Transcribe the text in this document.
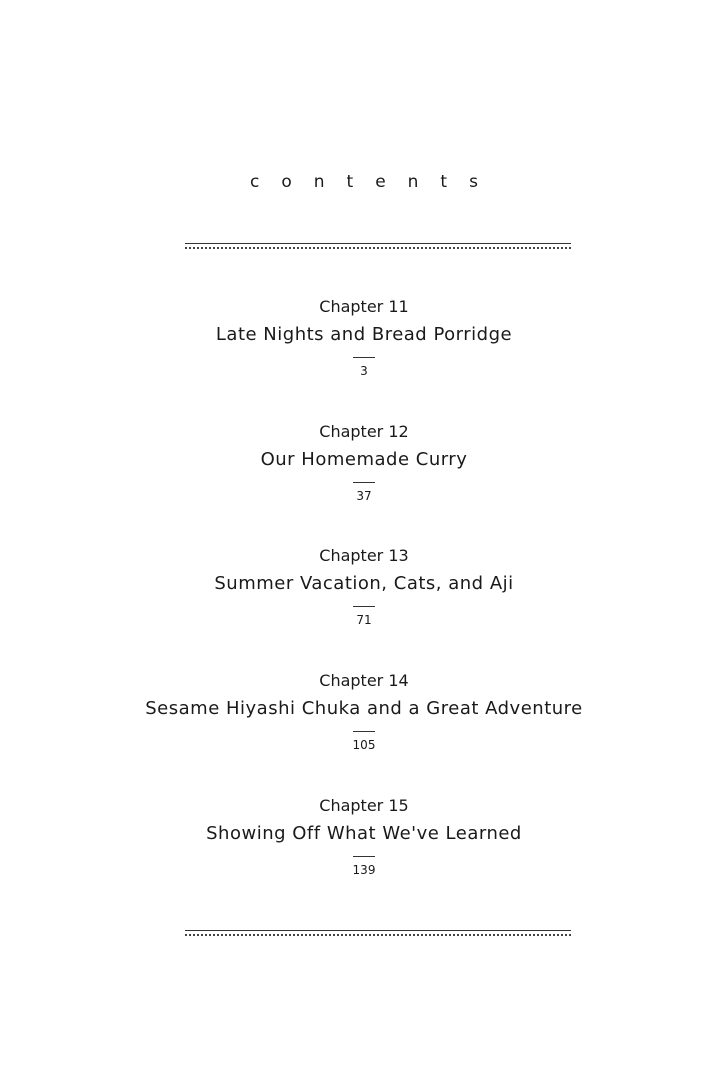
contents
Chapter 11
Late Nights and Bread Porridge
3
Chapter 12
Our Homemade Curry
37
Chapter 13
Summer Vacation, Cats, and Aji
71
Chapter 14
Sesame Hiyashi Chuka and a Great Adventure
105
Chapter 15
Showing Off What We've Learned
139
